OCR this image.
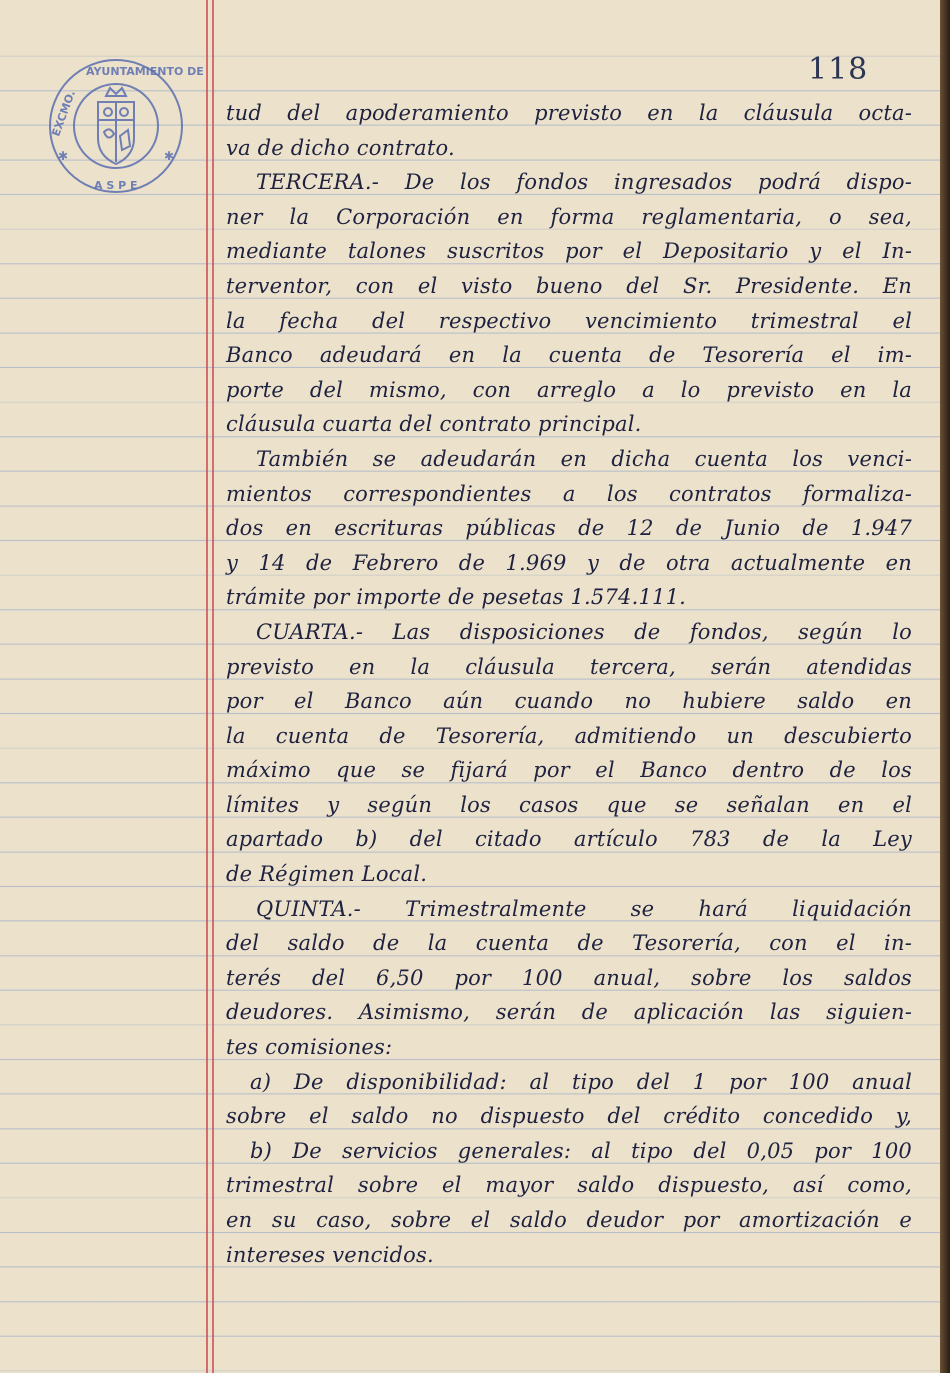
EXCMO.
AYUNTAMIENTO DE
A S P E
✱	✱
118
tud del apoderamiento previsto en la cláusula octa-
va de dicho contrato.
TERCERA.- De los fondos ingresados podrá dispo-
ner la Corporación en forma reglamentaria, o sea,
mediante talones suscritos por el Depositario y el In-
terventor, con el visto bueno del Sr. Presidente. En
la fecha del respectivo vencimiento trimestral el
Banco adeudará en la cuenta de Tesorería el im-
porte del mismo, con arreglo a lo previsto en la
cláusula cuarta del contrato principal.
También se adeudarán en dicha cuenta los venci-
mientos correspondientes a los contratos formaliza-
dos en escrituras públicas de 12 de Junio de 1.947
y 14 de Febrero de 1.969 y de otra actualmente en
trámite por importe de pesetas 1.574.111.
CUARTA.- Las disposiciones de fondos, según lo
previsto en la cláusula tercera, serán atendidas
por el Banco aún cuando no hubiere saldo en
la cuenta de Tesorería, admitiendo un descubierto
máximo que se fijará por el Banco dentro de los
límites y según los casos que se señalan en el
apartado b) del citado artículo 783 de la Ley
de Régimen Local.
QUINTA.- Trimestralmente se hará liquidación
del saldo de la cuenta de Tesorería, con el in-
terés del 6,50 por 100 anual, sobre los saldos
deudores. Asimismo, serán de aplicación las siguien-
tes comisiones:
a) De disponibilidad: al tipo del 1 por 100 anual
sobre el saldo no dispuesto del crédito concedido y,
b) De servicios generales: al tipo del 0,05 por 100
trimestral sobre el mayor saldo dispuesto, así como,
en su caso, sobre el saldo deudor por amortización e
intereses vencidos.
